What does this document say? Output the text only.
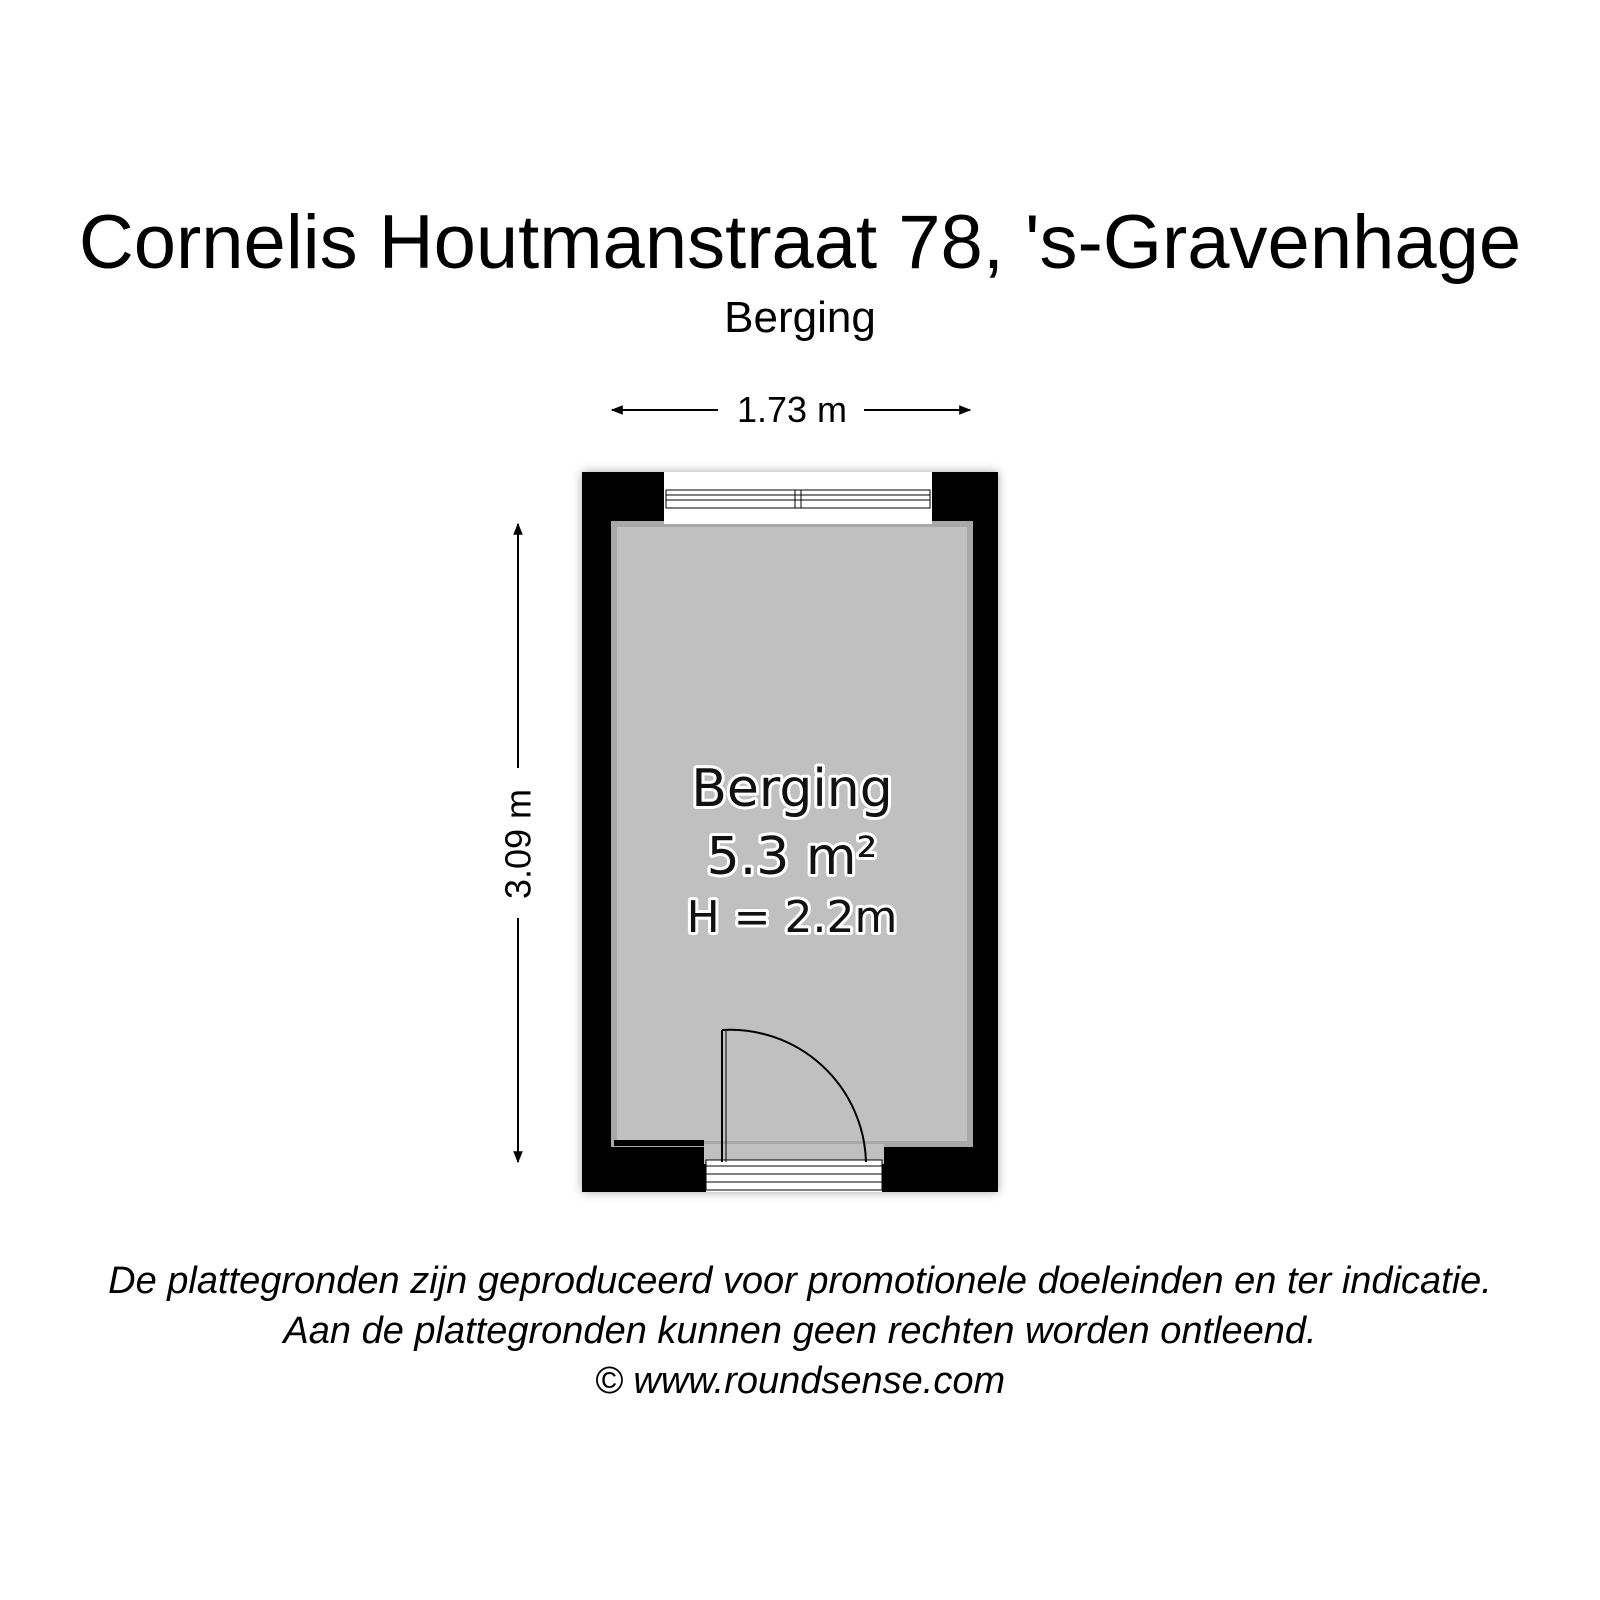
Cornelis Houtmanstraat 78, 's-Gravenhage
Berging
1.73 m
3.09 m	Berging
5.3 m²
H = 2.2m
De plattegronden zijn geproduceerd voor promotionele doeleinden en ter indicatie.
Aan de plattegronden kunnen geen rechten worden ontleend.
© www.roundsense.com
